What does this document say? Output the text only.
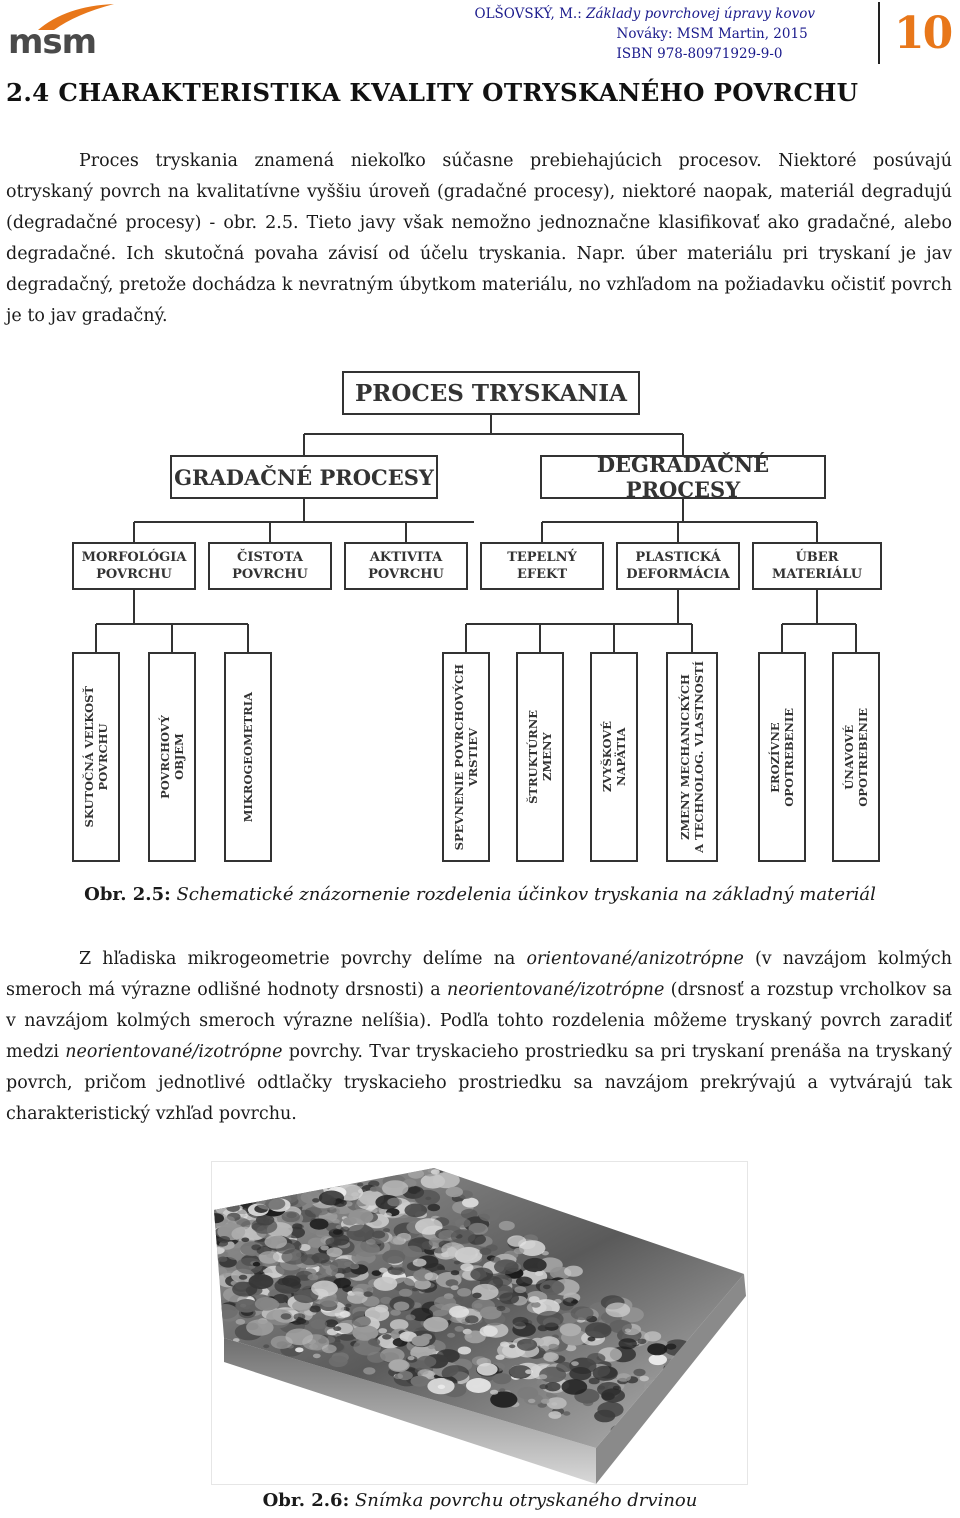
msm
OLŠOVSKÝ, M.: Základy povrchovej úpravy kovov
Nováky: MSM Martin, 2015
ISBN 978-80971929-9-0	10
2.4 CHARAKTERISTIKA KVALITY OTRYSKANÉHO POVRCHU
Proces tryskania znamená niekoľko súčasne prebiehajúcich procesov. Niektoré posúvajú otryskaný povrch na kvalitatívne vyššiu úroveň (gradačné procesy), niektoré naopak, materiál degradujú (degradačné procesy) - obr. 2.5. Tieto javy však nemožno jednoznačne klasifikovať ako gradačné, alebo degradačné. Ich skutočná povaha závisí od účelu tryskania. Napr. úber materiálu pri tryskaní je jav degradačný, pretože dochádza k nevratným úbytkom materiálu, no vzhľadom na požiadavku očistiť povrch je to jav gradačný.
PROCES TRYSKANIA
GRADAČNÉ PROCESY	DEGRADAČNÉ PROCESY
MORFOLÓGIA
POVRCHU
ČISTOTA
POVRCHU
AKTIVITA
POVRCHU
TEPELNÝ
EFEKT
PLASTICKÁ
DEFORMÁCIA
ÚBER
MATERIÁLU
SKUTOČNÁ VEĽKOSŤ
POVRCHU	POVRCHOVÝ
OBJEM	MIKROGEOMETRIA	SPEVNENIE POVRCHOVÝCH
VRSTIEV	ŠTRUKTÚRNE
ZMENY	ZVYŠKOVÉ
NAPÄTIA
ZMENY MECHANICKÝCH
A TECHNOLOG. VLASTNOSTÍ
EROZÍVNE
OPOTREBENIE	ÚNAVOVÉ
OPOTREBENIE
Obr. 2.5: Schematické znázornenie rozdelenia účinkov tryskania na základný materiál
Z hľadiska mikrogeometrie povrchy delíme na orientované/anizotrópne (v navzájom kolmých smeroch má výrazne odlišné hodnoty drsnosti) a neorientované/izotrópne (drsnosť a rozstup vrcholkov sa v navzájom kolmých smeroch výrazne nelíšia). Podľa tohto rozdelenia môžeme tryskaný povrch zaradiť medzi neorientované/izotrópne povrchy. Tvar tryskacieho prostriedku sa pri tryskaní prenáša na tryskaný povrch, pričom jednotlivé odtlačky tryskacieho prostriedku sa navzájom prekrývajú a vytvárajú tak charakteristický vzhľad povrchu.
Obr. 2.6: Snímka povrchu otryskaného drvinou
